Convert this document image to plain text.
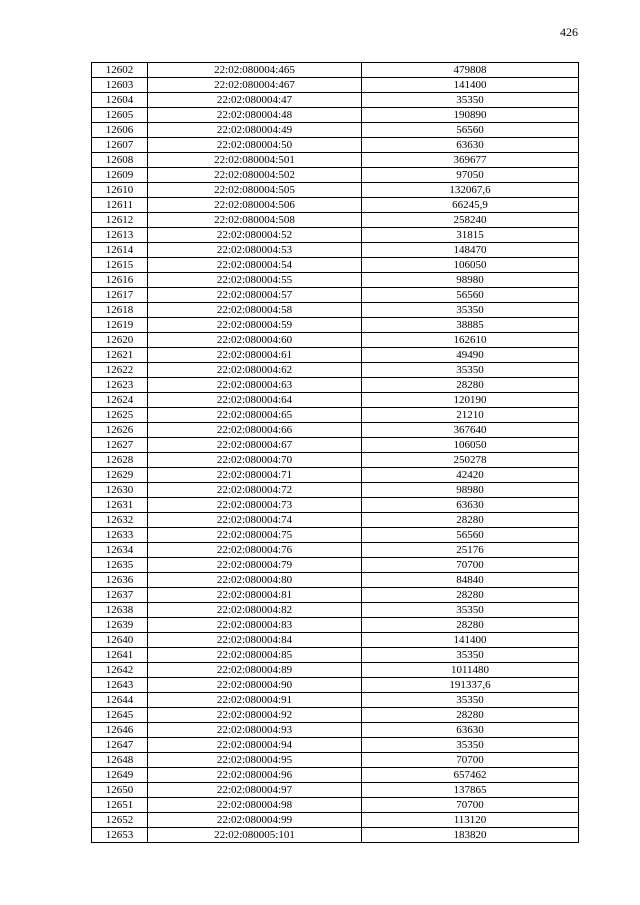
426
12602	22:02:080004:465	479808
12603	22:02:080004:467	141400
12604	22:02:080004:47	35350
12605	22:02:080004:48	190890
12606	22:02:080004:49	56560
12607	22:02:080004:50	63630
12608	22:02:080004:501	369677
12609	22:02:080004:502	97050
12610	22:02:080004:505	132067,6
12611	22:02:080004:506	66245,9
12612	22:02:080004:508	258240
12613	22:02:080004:52	31815
12614	22:02:080004:53	148470
12615	22:02:080004:54	106050
12616	22:02:080004:55	98980
12617	22:02:080004:57	56560
12618	22:02:080004:58	35350
12619	22:02:080004:59	38885
12620	22:02:080004:60	162610
12621	22:02:080004:61	49490
12622	22:02:080004:62	35350
12623	22:02:080004:63	28280
12624	22:02:080004:64	120190
12625	22:02:080004:65	21210
12626	22:02:080004:66	367640
12627	22:02:080004:67	106050
12628	22:02:080004:70	250278
12629	22:02:080004:71	42420
12630	22:02:080004:72	98980
12631	22:02:080004:73	63630
12632	22:02:080004:74	28280
12633	22:02:080004:75	56560
12634	22:02:080004:76	25176
12635	22:02:080004:79	70700
12636	22:02:080004:80	84840
12637	22:02:080004:81	28280
12638	22:02:080004:82	35350
12639	22:02:080004:83	28280
12640	22:02:080004:84	141400
12641	22:02:080004:85	35350
12642	22:02:080004:89	1011480
12643	22:02:080004:90	191337,6
12644	22:02:080004:91	35350
12645	22:02:080004:92	28280
12646	22:02:080004:93	63630
12647	22:02:080004:94	35350
12648	22:02:080004:95	70700
12649	22:02:080004:96	657462
12650	22:02:080004:97	137865
12651	22:02:080004:98	70700
12652	22:02:080004:99	113120
12653	22:02:080005:101	183820
